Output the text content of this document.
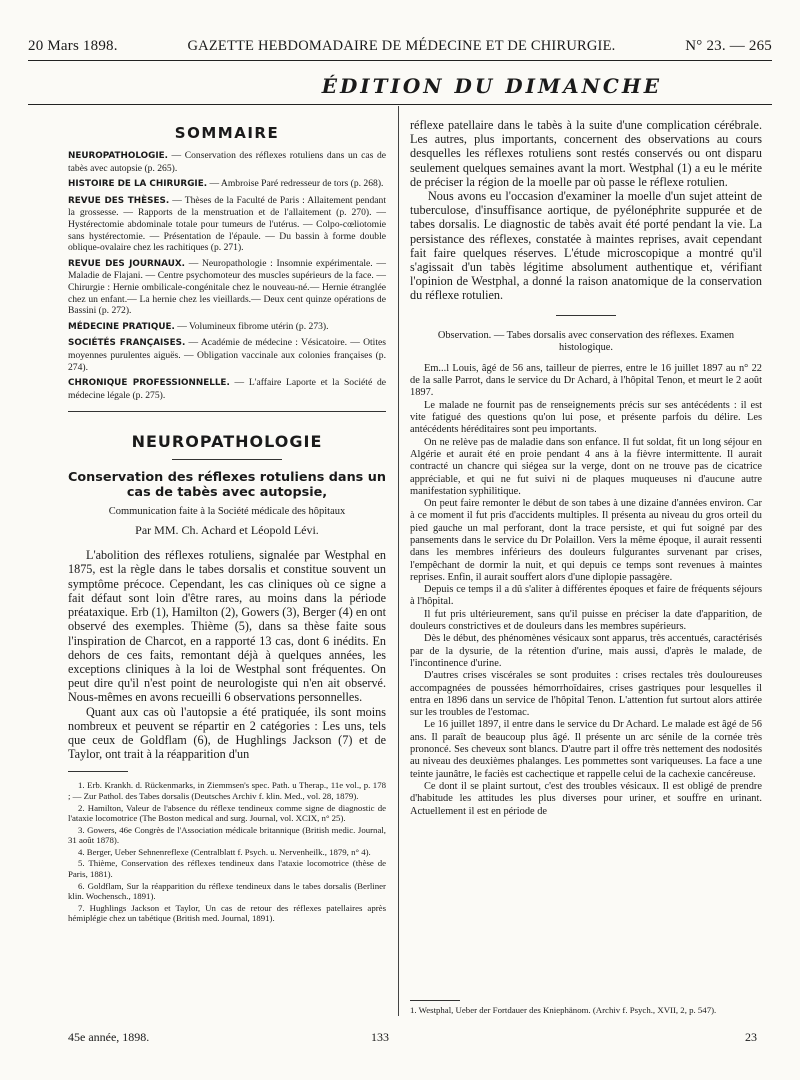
20 Mars 1898.	GAZETTE HEBDOMADAIRE DE MÉDECINE ET DE CHIRURGIE.	N° 23. — 265
ÉDITION DU DIMANCHE
SOMMAIRE
NEUROPATHOLOGIE. — Conservation des réflexes rotuliens dans un cas de tabès avec autopsie (p. 265).
HISTOIRE DE LA CHIRURGIE. — Ambroise Paré redresseur de tors (p. 268).
REVUE DES THÈSES. — Thèses de la Faculté de Paris : Allaitement pendant la grossesse. — Rapports de la menstruation et de l'allaitement (p. 270). — Hystérectomie abdominale totale pour tumeurs de l'utérus. — Colpo-cœliotomie sans hystérectomie. — Présentation de l'épaule. — Du bassin à forme double oblique-ovalaire chez les rachitiques (p. 271).
REVUE DES JOURNAUX. — Neuropathologie : Insomnie expérimentale. — Maladie de Flajani. — Centre psychomoteur des muscles supérieurs de la face. — Chirurgie : Hernie ombilicale-congénitale chez le nouveau-né.— Hernie étranglée chez un enfant.— La hernie chez les vieillards.— Deux cent quinze opérations de Bassini (p. 272).
MÉDECINE PRATIQUE. — Volumineux fibrome utérin (p. 273).
SOCIÉTÉS FRANÇAISES. — Académie de médecine : Vésicatoire. — Otites moyennes purulentes aiguës. — Obligation vaccinale aux colonies françaises (p. 274).
CHRONIQUE PROFESSIONNELLE. — L'affaire Laporte et la Société de médecine légale (p. 275).
NEUROPATHOLOGIE
Conservation des réflexes rotuliens dans un cas de tabès avec autopsie,
Communication faite à la Société médicale des hôpitaux
Par MM. Ch. Achard et Léopold Lévi.

L'abolition des réflexes rotuliens, signalée par Westphal en 1875, est la règle dans le tabes dorsalis et constitue souvent un symptôme précoce. Cependant, les cas cliniques où ce signe a fait défaut sont loin d'être rares, au moins dans la période préataxique. Erb (1), Hamilton (2), Gowers (3), Berger (4) en ont observé des exemples. Thième (5), dans sa thèse faite sous l'inspiration de Charcot, en a rapporté 13 cas, dont 6 inédits. En dehors de ces faits, remontant déjà à quelques années, les exceptions cliniques à la loi de Westphal sont fréquentes. On peut dire qu'il n'est point de neurologiste qui n'en ait observé. Nous-mêmes en avons recueilli 6 observations personnelles.

Quant aux cas où l'autopsie a été pratiquée, ils sont moins nombreux et peuvent se répartir en 2 catégories : Les uns, tels que ceux de Goldflam (6), de Hughlings Jackson (7) et de Taylor, ont trait à la réapparition d'un

1. Erb. Krankh. d. Rückenmarks, in Ziemmsen's spec. Path. u Therap., 11e vol., p. 178 ; — Zur Pathol. des Tabes dorsalis (Deutsches Archiv f. klin. Med., vol. 28, 1879).
2. Hamilton, Valeur de l'absence du réflexe tendineux comme signe de diagnostic de l'ataxie locomotrice (The Boston medical and surg. Journal, vol. XCIX, n° 25).
3. Gowers, 46e Congrès de l'Association médicale britannique (British medic. Journal, 31 août 1878).
4. Berger, Ueber Sehnenreflexe (Centralblatt f. Psych. u. Nervenheilk., 1879, n° 4).
5. Thième, Conservation des réflexes tendineux dans l'ataxie locomotrice (thèse de Paris, 1881).
6. Goldflam, Sur la réapparition du réflexe tendineux dans le tabes dorsalis (Berliner klin. Wochensch., 1891).
7. Hughlings Jackson et Taylor, Un cas de retour des réflexes patellaires après hémiplégie chez un tabétique (British med. Journal, 1891).

réflexe patellaire dans le tabès à la suite d'une complication cérébrale. Les autres, plus importants, concernent des observations au cours desquelles les réflexes rotuliens sont restés conservés ou ont disparu seulement quelques semaines avant la mort. Westphal (1) a eu le mérite de préciser la région de la moelle par où passe le réflexe rotulien.

Nous avons eu l'occasion d'examiner la moelle d'un sujet atteint de tuberculose, d'insuffisance aortique, de pyélonéphrite suppurée et de tabes dorsalis. Le diagnostic de tabès avait été porté pendant la vie. La persistance des réflexes, constatée à maintes reprises, avait cependant fait faire quelques réserves. L'étude microscopique a montré qu'il s'agissait d'un tabès légitime absolument authentique et, vérifiant l'opinion de Westphal, a donné la raison anatomique de la conservation du réflexe rotulien.

Observation. — Tabes dorsalis avec conservation des réflexes. Examen histologique.

Em...l Louis, âgé de 56 ans, tailleur de pierres, entre le 16 juillet 1897 au n° 22 de la salle Parrot, dans le service du Dr Achard, à l'hôpital Tenon, et meurt le 2 août 1897.

Le malade ne fournit pas de renseignements précis sur ses antécédents : il est vite fatigué des questions qu'on lui pose, et présente parfois du délire. Les antécédents héréditaires sont peu importants.

On ne relève pas de maladie dans son enfance. Il fut soldat, fit un long séjour en Algérie et aurait été en proie pendant 4 ans à la fièvre intermittente. Il aurait contracté un chancre qui siégea sur la verge, dont on ne trouve pas de cicatrice appréciable, et qui ne fut suivi ni de plaques muqueuses ni d'aucune autre manifestation syphilitique.

On peut faire remonter le début de son tabes à une dizaine d'années environ. Car à ce moment il fut pris d'accidents multiples. Il présenta au niveau du gros orteil du pied gauche un mal perforant, dont la trace persiste, et qui fut soigné par des pansements dans le service du Dr Polaillon. Vers la même époque, il aurait ressenti dans les membres inférieurs des douleurs fulgurantes survenant par crises, l'empêchant de dormir la nuit, et qui depuis ce temps sont revenues à maintes reprises. Enfin, il aurait souffert alors d'une diplopie passagère.

Depuis ce temps il a dû s'aliter à différentes époques et faire de fréquents séjours à l'hôpital.

Il fut pris ultérieurement, sans qu'il puisse en préciser la date d'apparition, de douleurs constrictives et de douleurs dans les membres supérieurs.

Dès le début, des phénomènes vésicaux sont apparus, très accentués, caractérisés par de la dysurie, de la rétention d'urine, mais aussi, d'après le malade, de l'incontinence d'urine.

D'autres crises viscérales se sont produites : crises rectales très douloureuses accompagnées de poussées hémorrhoïdaires, crises gastriques pour lesquelles il entra en 1896 dans un service de l'hôpital Tenon. L'attention fut surtout alors attirée sur les troubles de l'estomac.

Le 16 juillet 1897, il entre dans le service du Dr Achard. Le malade est âgé de 56 ans. Il paraît de beaucoup plus âgé. Il présente un arc sénile de la cornée très prononcé. Ses cheveux sont blancs. D'autre part il offre très nettement des nodosités au niveau des deuxièmes phalanges. Les pommettes sont variqueuses. La face a une teinte jaunâtre, le faciès est cachectique et rappelle celui de la cachexie cancéreuse.

Ce dont il se plaint surtout, c'est des troubles vésicaux. Il est obligé de prendre d'habitude les attitudes les plus diverses pour uriner, et souffre en urinant. Actuellement il est en période de

1. Westphal, Ueber der Fortdauer des Kniephänom. (Archiv f. Psych., XVII, 2, p. 547).
45e année, 1898.	133	23
